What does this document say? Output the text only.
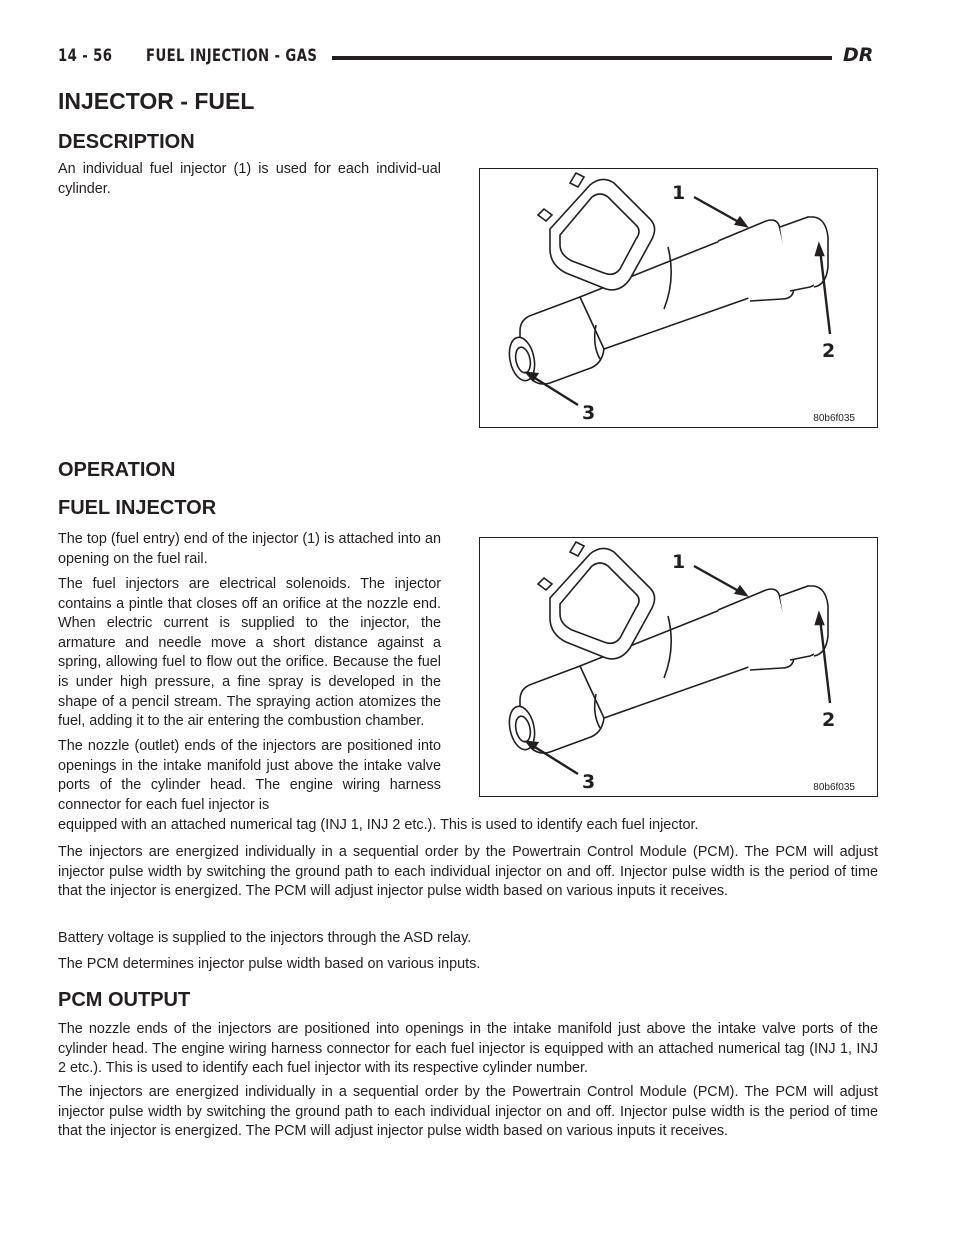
14 - 56 FUEL INJECTION - GAS	DR
INJECTOR - FUEL
DESCRIPTION

An individual fuel injector (1) is used for each individ-ual cylinder.	1
2
3	80b6f035
OPERATION
FUEL INJECTOR

The top (fuel entry) end of the injector (1) is attached into an opening on the fuel rail.

The fuel injectors are electrical solenoids. The injector contains a pintle that closes off an orifice at the nozzle end. When electric current is supplied to the injector, the armature and needle move a short distance against a spring, allowing fuel to flow out the orifice. Because the fuel is under high pressure, a fine spray is developed in the shape of a pencil stream. The spraying action atomizes the fuel, adding it to the air entering the combustion chamber.

The nozzle (outlet) ends of the injectors are positioned into openings in the intake manifold just above the intake valve ports of the cylinder head. The engine wiring harness connector for each fuel injector is

equipped with an attached numerical tag (INJ 1, INJ 2 etc.). This is used to identify each fuel injector.

The injectors are energized individually in a sequential order by the Powertrain Control Module (PCM). The PCM will adjust injector pulse width by switching the ground path to each individual injector on and off. Injector pulse width is the period of time that the injector is energized. The PCM will adjust injector pulse width based on various inputs it receives.

Battery voltage is supplied to the injectors through the ASD relay.

The PCM determines injector pulse width based on various inputs.

1
2
3	80b6f035
PCM OUTPUT

The nozzle ends of the injectors are positioned into openings in the intake manifold just above the intake valve ports of the cylinder head. The engine wiring harness connector for each fuel injector is equipped with an attached numerical tag (INJ 1, INJ 2 etc.). This is used to identify each fuel injector with its respective cylinder number.

The injectors are energized individually in a sequential order by the Powertrain Control Module (PCM). The PCM will adjust injector pulse width by switching the ground path to each individual injector on and off. Injector pulse width is the period of time that the injector is energized. The PCM will adjust injector pulse width based on various inputs it receives.
